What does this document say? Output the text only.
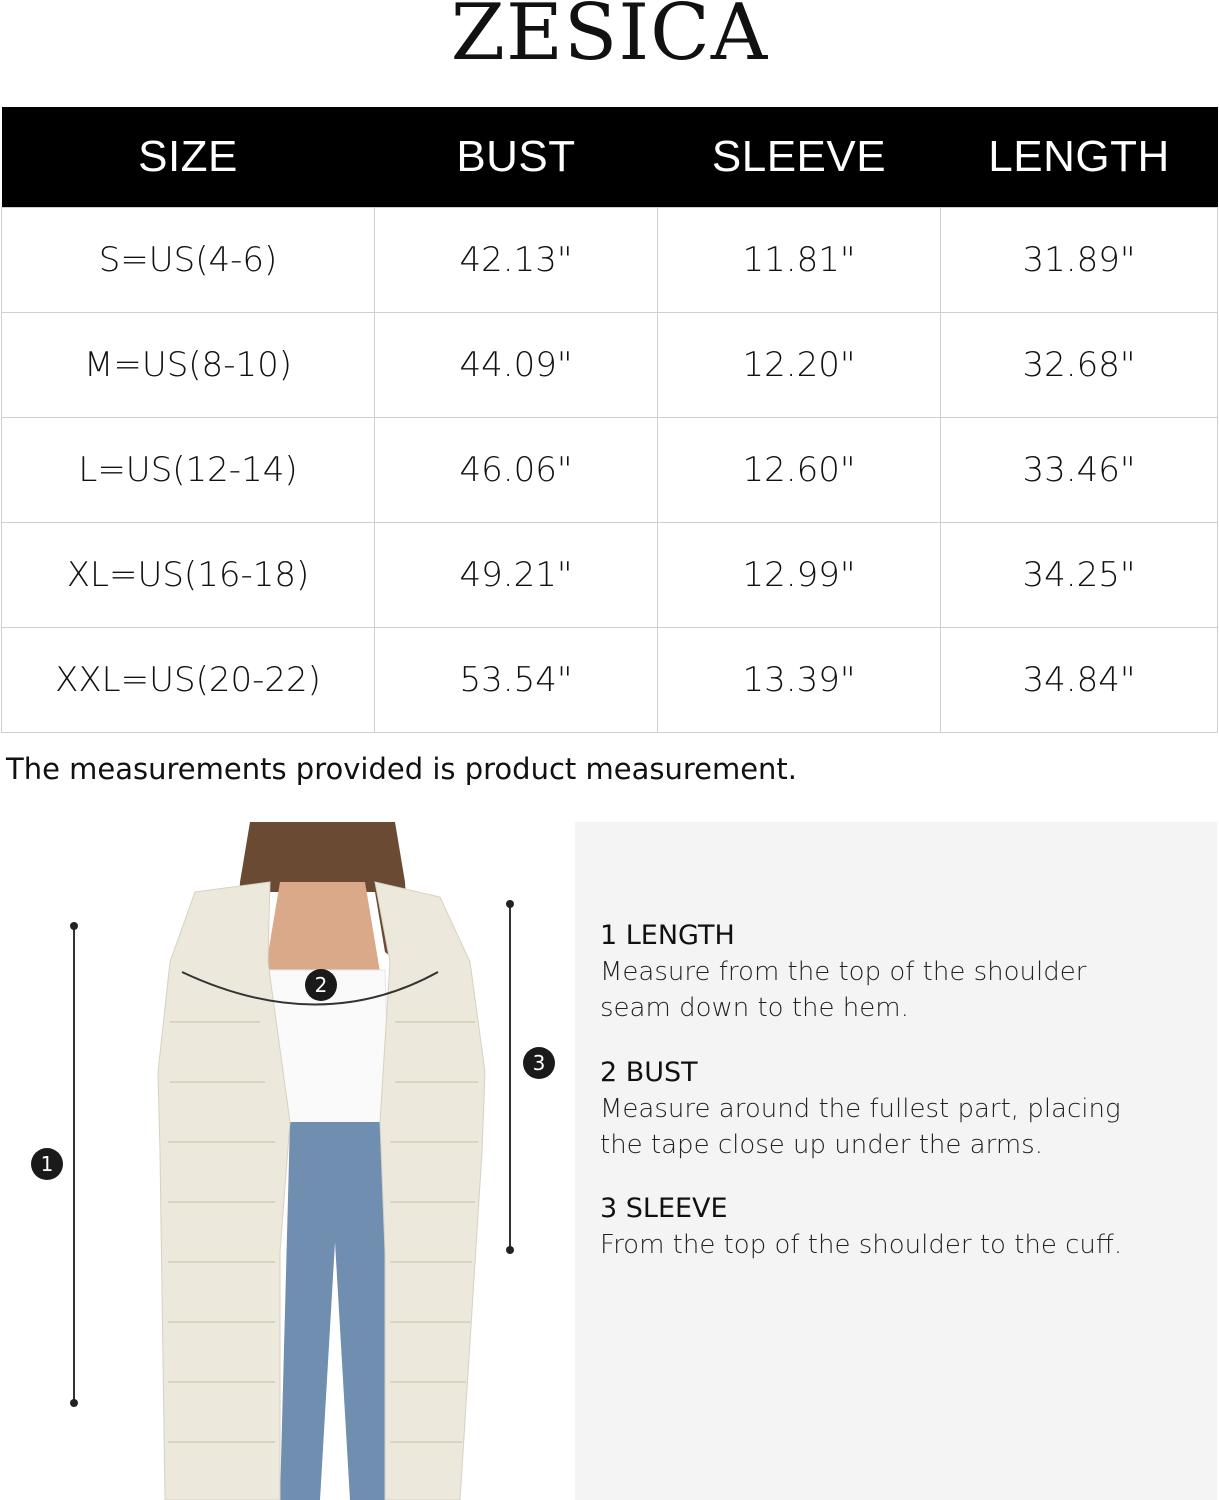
ZESICA
SIZE	BUST	SLEEVE	LENGTH
S=US(4-6)	42.13"	11.81"	31.89"
M=US(8-10)	44.09"	12.20"	32.68"
L=US(12-14)	46.06"	12.60"	33.46"
XL=US(16-18)	49.21"	12.99"	34.25"
XXL=US(20-22)	53.54"	13.39"	34.84"
The measurements provided is product measurement.
1
2
3
1 LENGTH
Measure from the top of the shoulder
seam down to the hem.
2 BUST
Measure around the fullest part, placing
the tape close up under the arms.
3 SLEEVE
From the top of the shoulder to the cuff.
